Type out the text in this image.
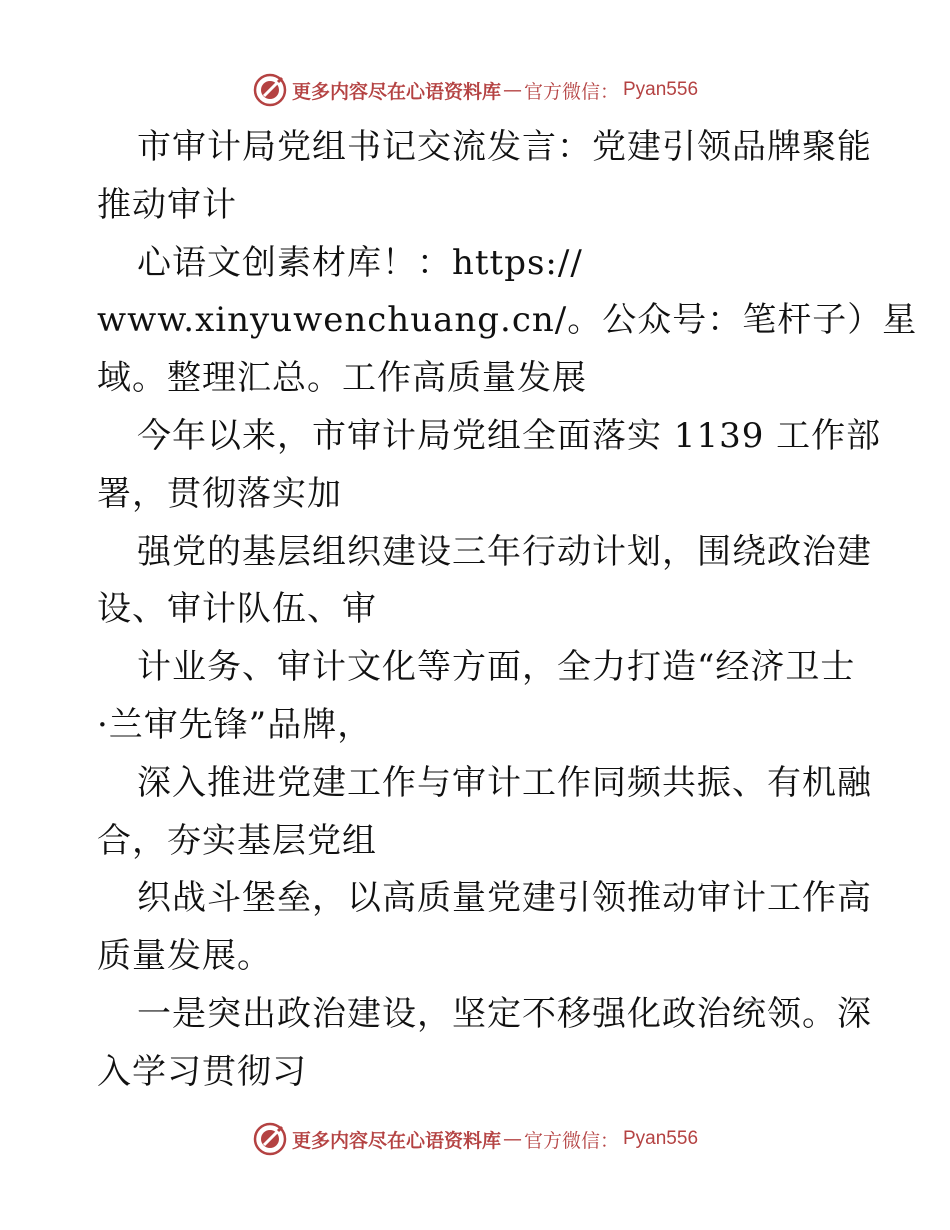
更多内容尽在心语资料库 — 官方微信： Pyan556
市审计局党组书记交流发言：党建引领品牌聚能
推动审计
心语文创素材库！：https://
www.xinyuwenchuang.cn/。公众号：笔杆子）星
域。整理汇总。工作高质量发展
今年以来，市审计局党组全面落实 1139 工作部
署，贯彻落实加
强党的基层组织建设三年行动计划，围绕政治建
设、审计队伍、审
计业务、审计文化等方面，全力打造“经济卫士
·兰审先锋”品牌，
深入推进党建工作与审计工作同频共振、有机融
合，夯实基层党组
织战斗堡垒，以高质量党建引领推动审计工作高
质量发展。
一是突出政治建设，坚定不移强化政治统领。深
入学习贯彻习
更多内容尽在心语资料库 — 官方微信： Pyan556
